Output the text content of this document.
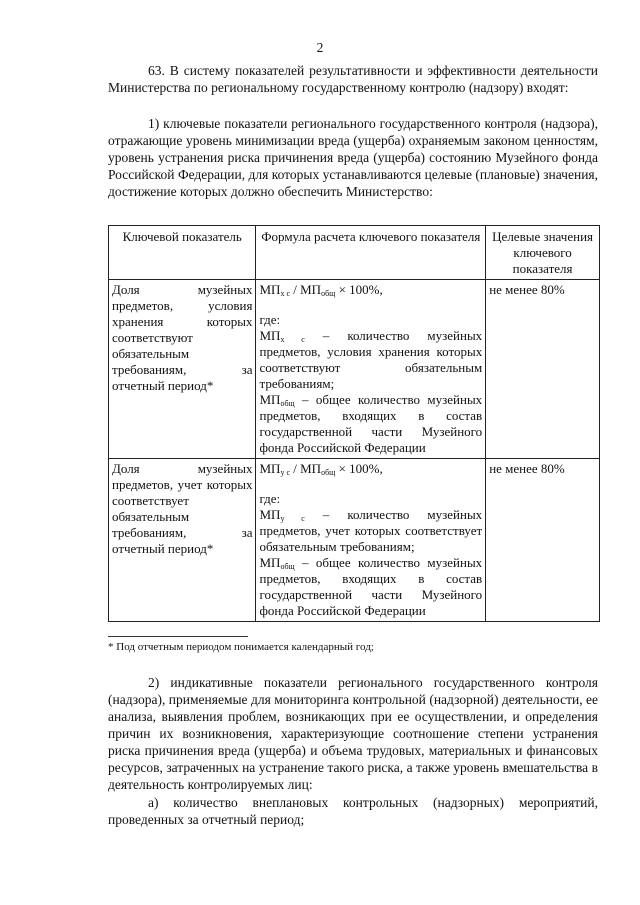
2

63. В систему показателей результативности и эффективности деятельности Министерства по региональному государственному контролю (надзору) входят:

1) ключевые показатели регионального государственного контроля (надзора), отражающие уровень минимизации вреда (ущерба) охраняемым законом ценностям, уровень устранения риска причинения вреда (ущерба) состоянию Музейного фонда Российской Федерации, для которых устанавливаются целевые (плановые) значения, достижение которых должно обеспечить Министерство:

Ключевой показатель	Формула расчета ключевого показателя	Целевые значения ключевого показателя
Доля музейных предметов, условия хранения которых соответствуют обязательным требованиям, за отчетный период*	$МП_{х с} / МП_{общ} \times 100\%$,
где:
$МП_{х с}$ – количество музейных предметов, условия хранения которых соответствуют обязательным требованиям;
$МП_{общ}$ – общее количество музейных предметов, входящих в состав государственной части Музейного фонда Российской Федерации	не менее 80%
Доля музейных предметов, учет которых соответствует обязательным требованиям, за отчетный период*	$МП_{у с} / МП_{общ} \times 100\%$,
где:
$МП_{у с}$ – количество музейных предметов, учет которых соответствует обязательным требованиям;
$МП_{общ}$ – общее количество музейных предметов, входящих в состав государственной части Музейного фонда Российской Федерации	не менее 80%
* Под отчетным периодом понимается календарный год;

2) индикативные показатели регионального государственного контроля (надзора), применяемые для мониторинга контрольной (надзорной) деятельности, ее анализа, выявления проблем, возникающих при ее осуществлении, и определения причин их возникновения, характеризующие соотношение степени устранения риска причинения вреда (ущерба) и объема трудовых, материальных и финансовых ресурсов, затраченных на устранение такого риска, а также уровень вмешательства в деятельность контролируемых лиц:

а) количество внеплановых контрольных (надзорных) мероприятий, проведенных за отчетный период;
